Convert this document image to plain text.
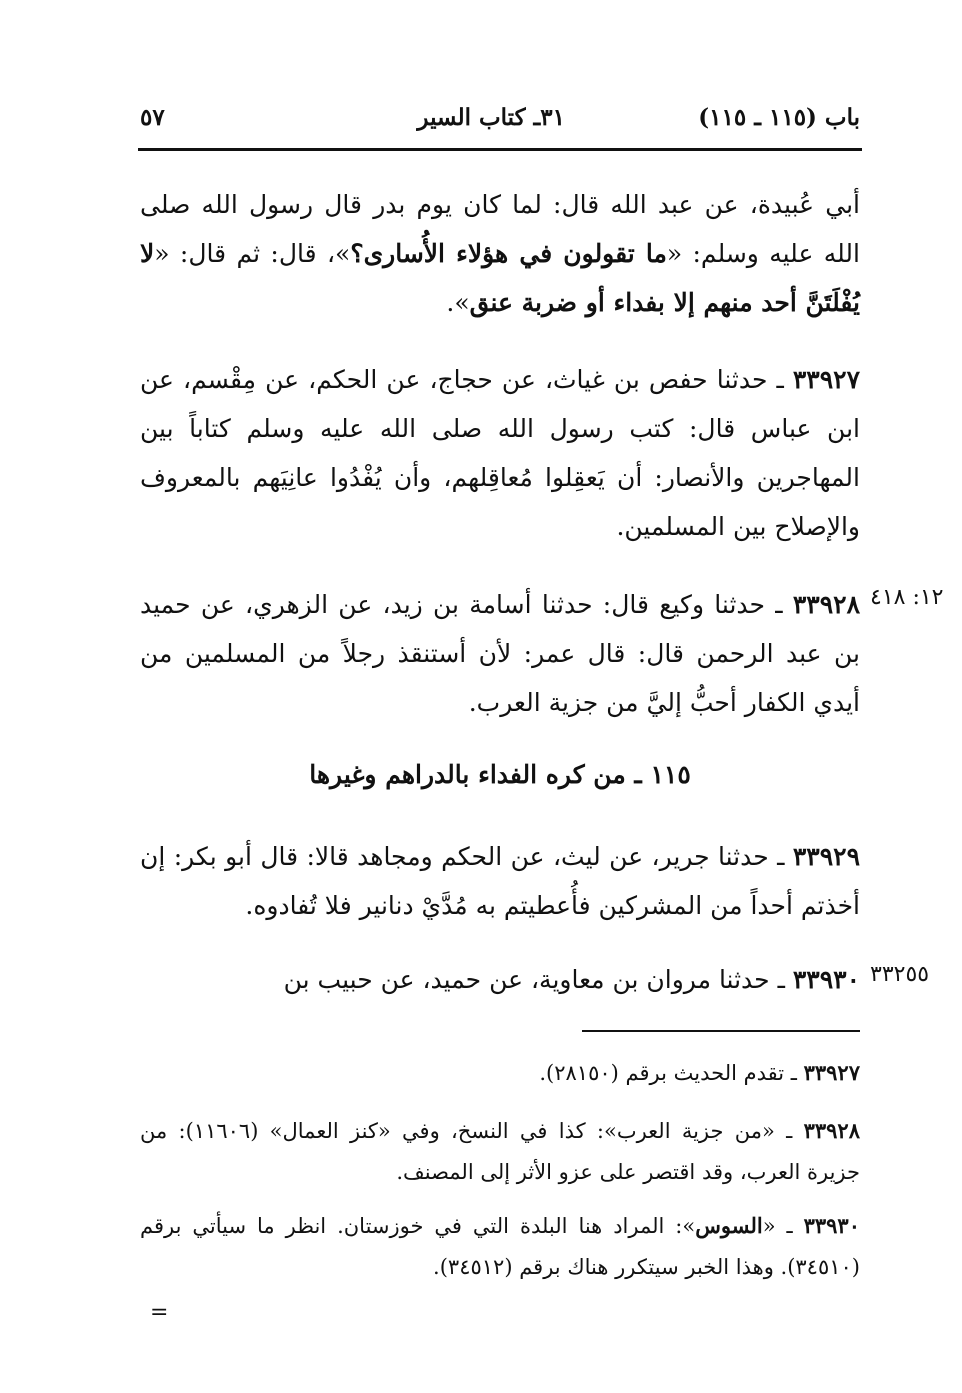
باب (١١٥ ـ ١١٥)
٣١ـ كتاب السير
٥٧
أبي عُبيدة، عن عبد الله قال: لما كان يوم بدر قال رسول الله صلى الله عليه وسلم: «ما تقولون في هؤلاء الأُسارى؟»، قال: ثم قال: «لا يُفْلَتَنَّ أحد منهم إلا بفداء أو ضربة عنق».
٣٣٩٢٧ ـ حدثنا حفص بن غياث، عن حجاج، عن الحكم، عن مِقْسم، عن ابن عباس قال: كتب رسول الله صلى الله عليه وسلم كتاباً بين المهاجرين والأنصار: أن يَعقِلوا مُعاقِلهم، وأن يُفْدُوا عانِيَهم بالمعروف والإصلاح بين المسلمين.
١٢: ٤١٨
٣٣٩٢٨ ـ حدثنا وكيع قال: حدثنا أسامة بن زيد، عن الزهري، عن حميد بن عبد الرحمن قال: قال عمر: لأن أستنقذ رجلاً من المسلمين من أيدي الكفار أحبُّ إليَّ من جزية العرب.
١١٥ ـ من كره الفداء بالدراهم وغيرها
٣٣٩٢٩ ـ حدثنا جرير، عن ليث، عن الحكم ومجاهد قالا: قال أبو بكر: إن أخذتم أحداً من المشركين فأُعطيتم به مُدَّيْ دنانير فلا تُفادوه.
٣٣٢٥٥
٣٣٩٣٠ ـ حدثنا مروان بن معاوية، عن حميد، عن حبيب بن
٣٣٩٢٧ ـ تقدم الحديث برقم (٢٨١٥٠).
٣٣٩٢٨ ـ «من جزية العرب»: كذا في النسخ، وفي «كنز العمال» (١١٦٠٦): من جزيرة العرب، وقد اقتصر على عزو الأثر إلى المصنف.
٣٣٩٣٠ ـ «السوس»: المراد هنا البلدة التي في خوزستان. انظر ما سيأتي برقم (٣٤٥١٠). وهذا الخبر سيتكرر هناك برقم (٣٤٥١٢).
=
